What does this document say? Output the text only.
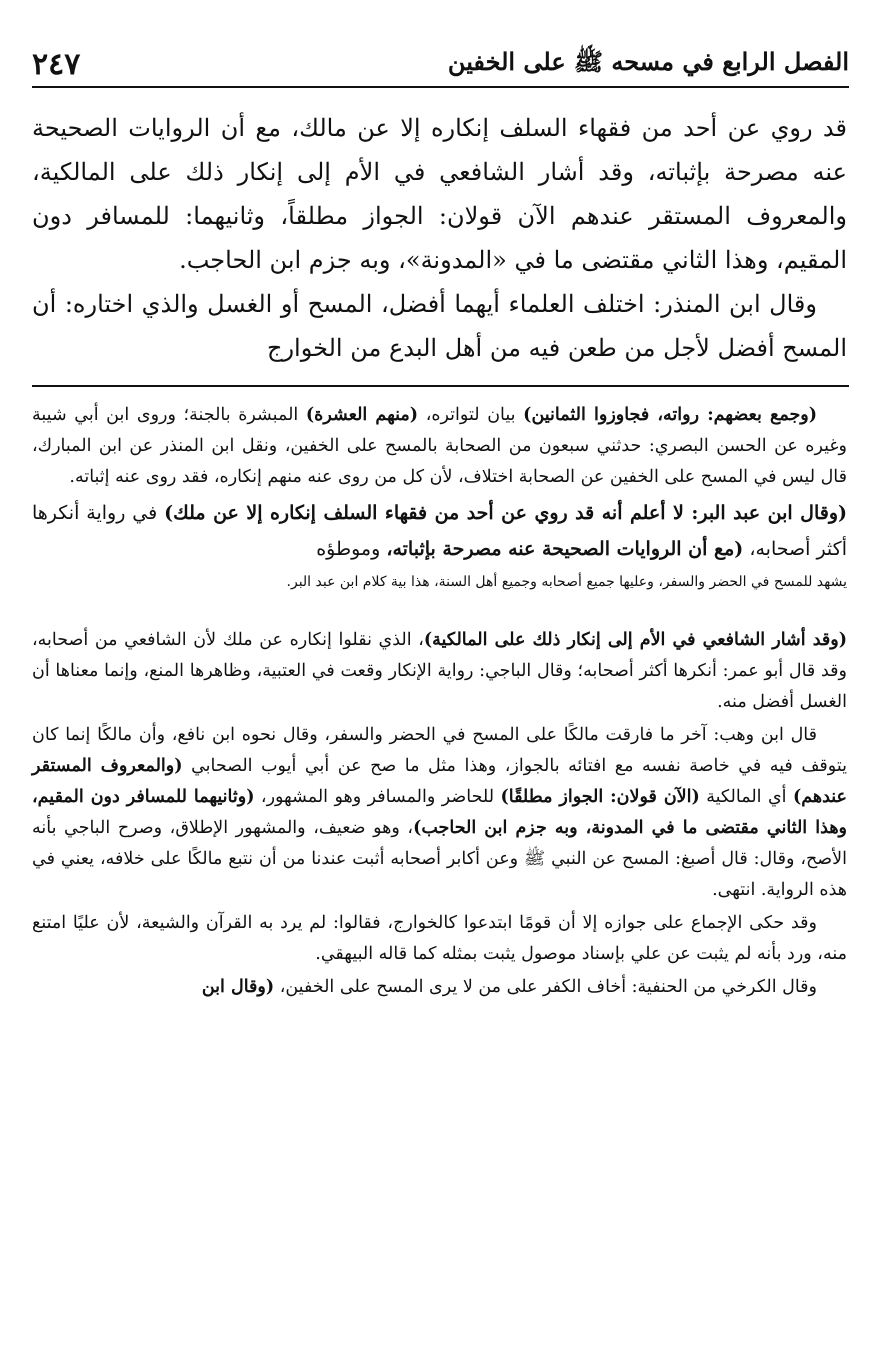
٢٤٧	الفصل الرابع في مسحه ﷺ على الخفين

قد روي عن أحد من فقهاء السلف إنكاره إلا عن مالك، مع أن الروايات الصحيحة عنه مصرحة بإثباته، وقد أشار الشافعي في الأم إلى إنكار ذلك على المالكية، والمعروف المستقر عندهم الآن قولان: الجواز مطلقاً، وثانيهما: للمسافر دون المقيم، وهذا الثاني مقتضى ما في «المدونة»، وبه جزم ابن الحاجب.

وقال ابن المنذر: اختلف العلماء أيهما أفضل، المسح أو الغسل والذي اختاره: أن المسح أفضل لأجل من طعن فيه من أهل البدع من الخوارج

(وجمع بعضهم: رواته، فجاوزوا الثمانين) بيان لتواتره، (منهم العشرة) المبشرة بالجنة؛ وروى ابن أبي شيبة وغيره عن الحسن البصري: حدثني سبعون من الصحابة بالمسح على الخفين، ونقل ابن المنذر عن ابن المبارك، قال ليس في المسح على الخفين عن الصحابة اختلاف، لأن كل من روى عنه منهم إنكاره، فقد روى عنه إثباته.

(وقال ابن عبد البر: لا أعلم أنه قد روي عن أحد من فقهاء السلف إنكاره إلا عن ملك) في رواية أنكرها أكثر أصحابه، (مع أن الروايات الصحيحة عنه مصرحة بإثباته، وموطؤه

يشهد للمسح في الحضر والسفر، وعليها جميع أصحابه وجميع أهل السنة، هذا بية كلام ابن عبد البر.

(وقد أشار الشافعي في الأم إلى إنكار ذلك على المالكية)، الذي نقلوا إنكاره عن ملك لأن الشافعي من أصحابه، وقد قال أبو عمر: أنكرها أكثر أصحابه؛ وقال الباجي: رواية الإنكار وقعت في العتبية، وظاهرها المنع، وإنما معناها أن الغسل أفضل منه.

قال ابن وهب: آخر ما فارقت مالكًا على المسح في الحضر والسفر، وقال نحوه ابن نافع، وأن مالكًا إنما كان يتوقف فيه في خاصة نفسه مع افتائه بالجواز، وهذا مثل ما صح عن أبي أيوب الصحابي (والمعروف المستقر عندهم) أي المالكية (الآن قولان: الجواز مطلقًا) للحاضر والمسافر وهو المشهور، (وثانيهما للمسافر دون المقيم، وهذا الثاني مقتضى ما في المدونة، وبه جزم ابن الحاجب)، وهو ضعيف، والمشهور الإطلاق، وصرح الباجي بأنه الأصح، وقال: قال أصبغ: المسح عن النبي ﷺ وعن أكابر أصحابه أثبت عندنا من أن نتبع مالكًا على خلافه، يعني في هذه الرواية. انتهى.

وقد حكى الإجماع على جوازه إلا أن قومًا ابتدعوا كالخوارج، فقالوا: لم يرد به القرآن والشيعة، لأن عليًا امتنع منه، ورد بأنه لم يثبت عن علي بإسناد موصول يثبت بمثله كما قاله البيهقي.

وقال الكرخي من الحنفية: أخاف الكفر على من لا يرى المسح على الخفين، (وقال ابن
